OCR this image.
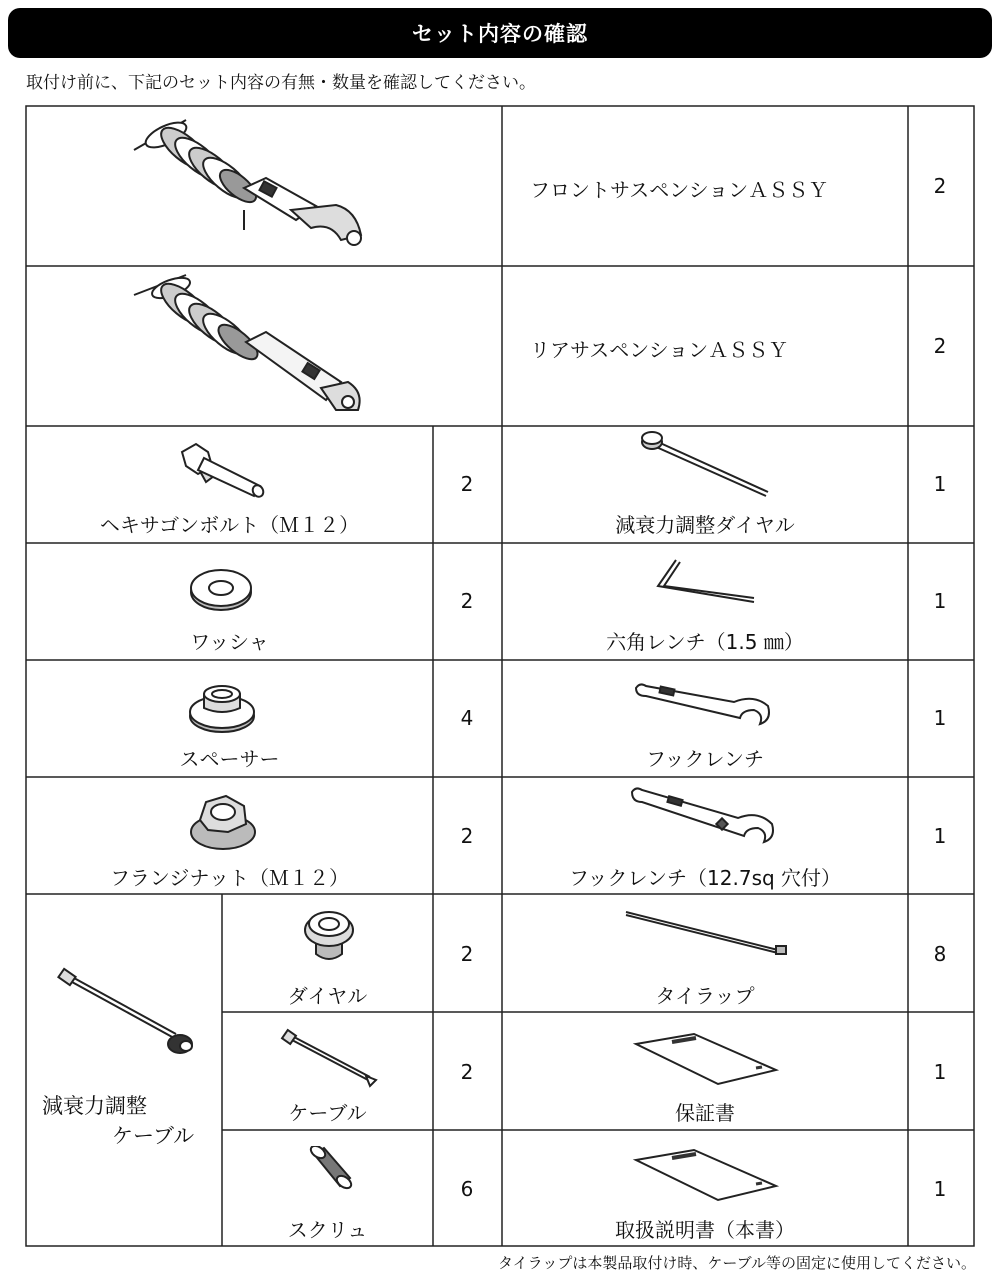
セット内容の確認
取付け前に、下記のセット内容の有無・数量を確認してください。
フロントサスペンションＡＳＳＹ	2
リアサスペンションＡＳＳＹ	2
ヘキサゴンボルト（Ｍ１２）
2
ワッシャ
2
スペーサー
4
フランジナット（Ｍ１２）
2
減衰力調整ダイヤル
1
六角レンチ（1.5 ㎜）
1
フックレンチ
1
フックレンチ（12.7sq 穴付）
1
タイラップ
8
保証書
1
取扱説明書（本書）
1
減衰力調整
ケーブル
ダイヤル
2
ケーブル
2
スクリュ
6
タイラップは本製品取付け時、ケーブル等の固定に使用してください。
